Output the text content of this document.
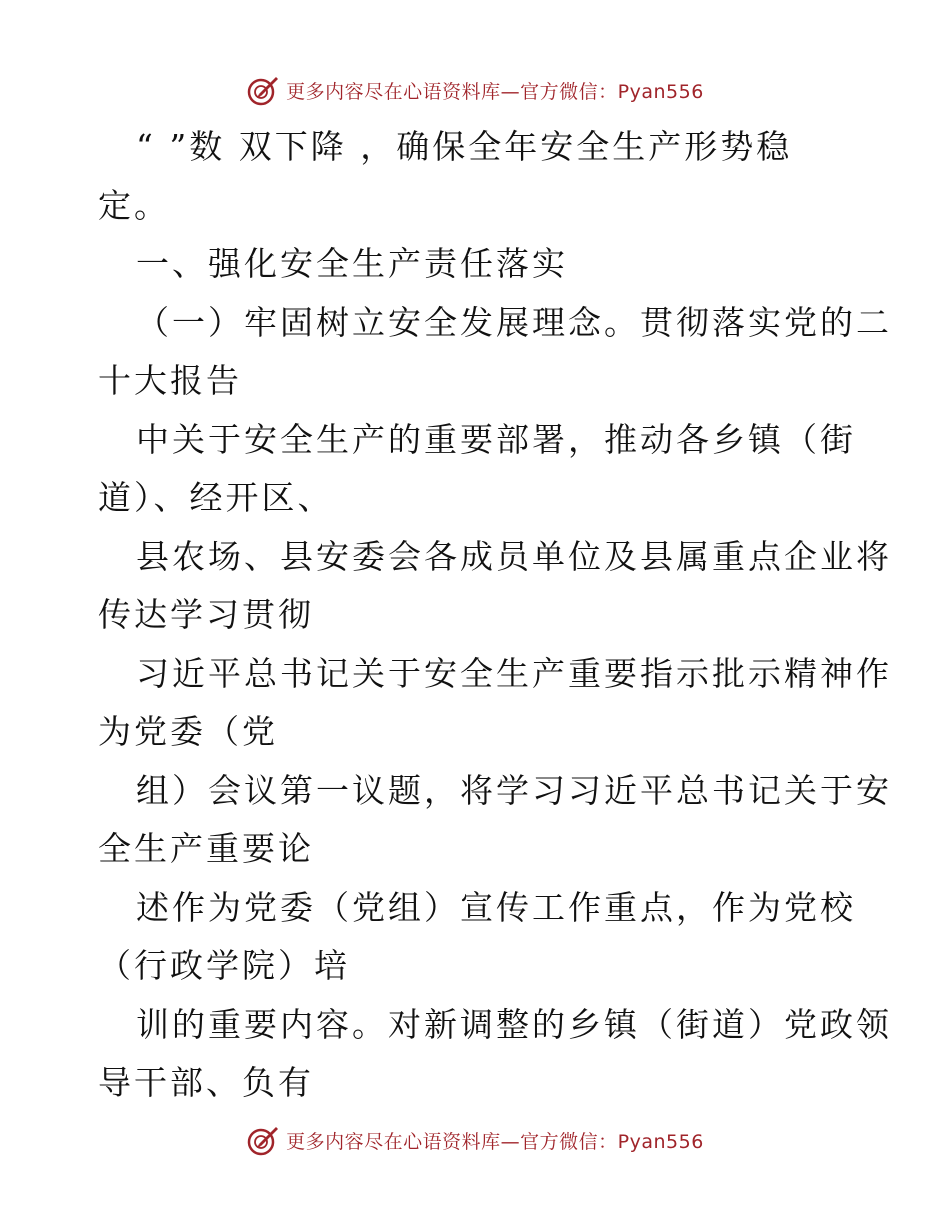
更多内容尽在心语资料库—官方微信：Pyan556
“ ”数 双下降 ，确保全年安全生产形势稳
定。
一、强化安全生产责任落实
（一）牢固树立安全发展理念。贯彻落实党的二
十大报告
中关于安全生产的重要部署，推动各乡镇（街
道）、经开区、
县农场、县安委会各成员单位及县属重点企业将
传达学习贯彻
习近平总书记关于安全生产重要指示批示精神作
为党委（党
组）会议第一议题，将学习习近平总书记关于安
全生产重要论
述作为党委（党组）宣传工作重点，作为党校
（行政学院）培
训的重要内容。对新调整的乡镇（街道）党政领
导干部、负有
更多内容尽在心语资料库—官方微信：Pyan556
